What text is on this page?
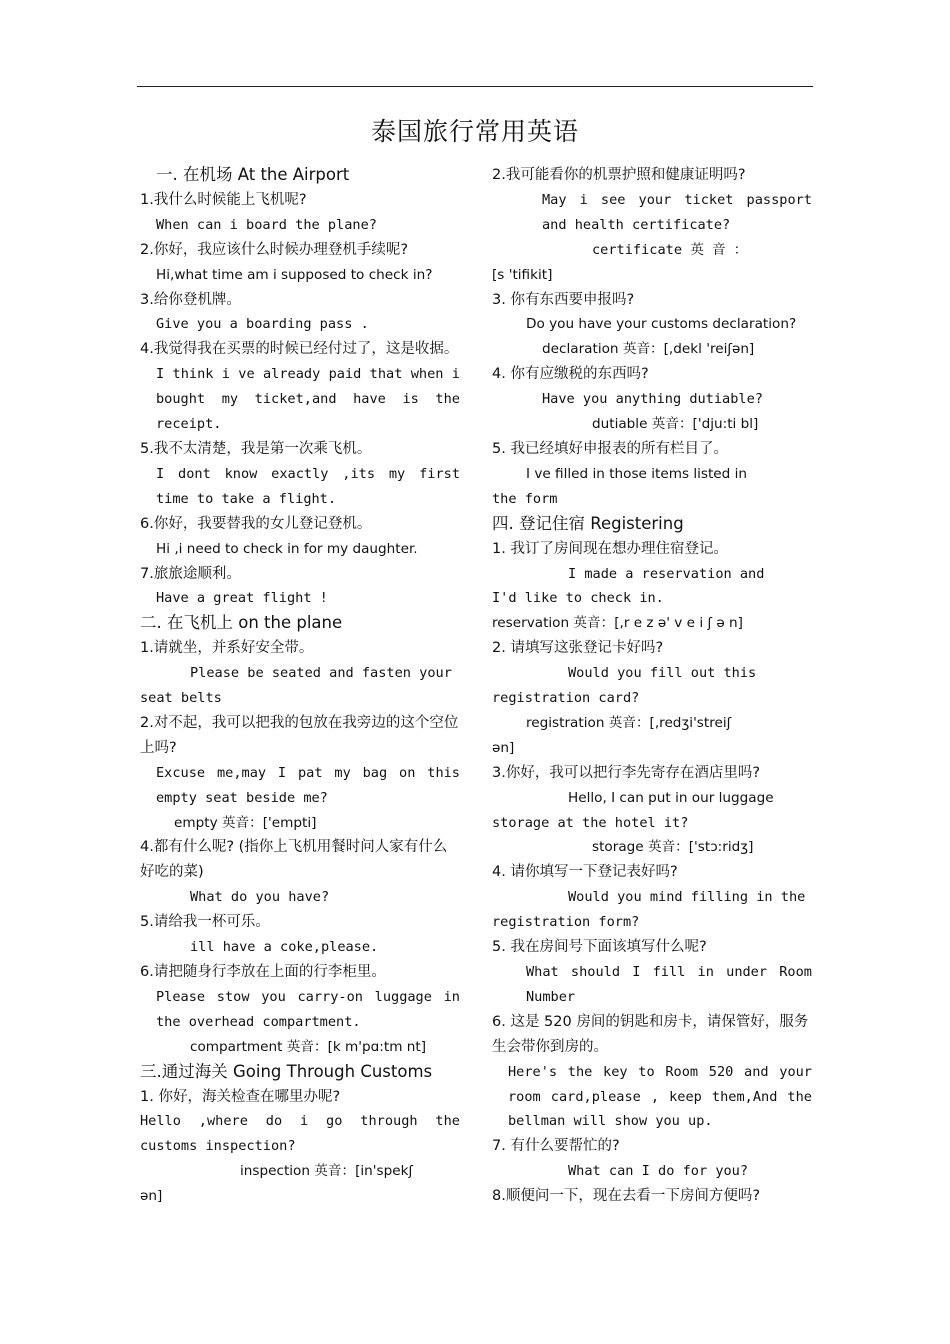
泰国旅行常用英语

一. 在机场 At the Airport

1.我什么时候能上飞机呢?

When can i board the plane?

2.你好，我应该什么时候办理登机手续呢?

Hi,what time am i supposed to check in?

3.给你登机牌。

Give you a boarding pass .

4.我觉得我在买票的时候已经付过了，这是收据。

I think i ve already paid that when i bought my ticket,and have is the receipt.

5.我不太清楚，我是第一次乘飞机。

I dont know exactly ,its my first time to take a flight.

6.你好，我要替我的女儿登记登机。

Hi ,i need to check in for my daughter.

7.旅旅途顺利。

Have a great flight !

二. 在飞机上 on the plane

1.请就坐，并系好安全带。

Please be seated and fasten your

seat belts

2.对不起，我可以把我的包放在我旁边的这个空位上吗?

Excuse me,may I pat my bag on this empty seat beside me?

empty 英音：['empti]

4.都有什么呢? (指你上飞机用餐时问人家有什么好吃的菜)

What do you have?

5.请给我一杯可乐。

ill have a coke,please.

6.请把随身行李放在上面的行李柜里。

Please stow you carry-on luggage in the overhead compartment.

compartment 英音：[k m'pɑ:tm nt]

三.通过海关 Going Through Customs

1. 你好，海关检查在哪里办呢?

Hello ,where do i go through the customs inspection?

inspection 英音：[in'spekʃ

ən]

2.我可能看你的机票护照和健康证明吗?

May i see your ticket passport and health certificate?

certificate 英 音 ：

[s 'tifikit]

3. 你有东西要申报吗?

Do you have your customs declaration?

declaration 英音：[,dekl 'reiʃən]

4. 你有应缴税的东西吗?

Have you anything dutiable?

dutiable 英音：['dju:ti bl]

5. 我已经填好申报表的所有栏目了。

I ve filled in those items listed in

the form

四. 登记住宿 Registering

1. 我订了房间现在想办理住宿登记。

I made a reservation and

I'd like to check in.

reservation 英音：[,r e z ə' v e i ʃ ə n]

2. 请填写这张登记卡好吗?

Would you fill out this

registration card?

registration 英音：[,redʒi'streiʃ

ən]

3.你好，我可以把行李先寄存在酒店里吗?

Hello, I can put in our luggage

storage at the hotel it?

storage 英音：['stɔ:ridʒ]

4. 请你填写一下登记表好吗?

Would you mind filling in the

registration form?

5. 我在房间号下面该填写什么呢?

What should I fill in under Room Number

6. 这是 520 房间的钥匙和房卡，请保管好，服务生会带你到房的。

Here's the key to Room 520 and your room card,please , keep them,And the bellman will show you up.

7. 有什么要帮忙的?

What can I do for you?

8.顺便问一下，现在去看一下房间方便吗?
